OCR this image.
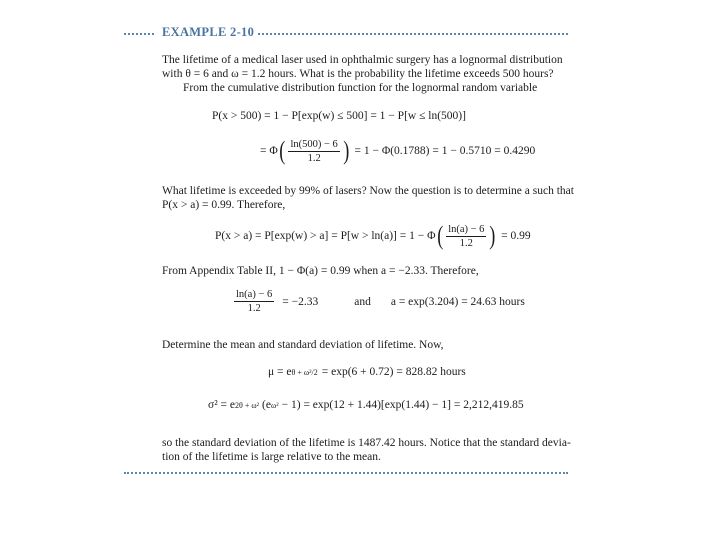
EXAMPLE 2-10
The lifetime of a medical laser used in ophthalmic surgery has a lognormal distribution
with θ = 6 and ω = 1.2 hours. What is the probability the lifetime exceeds 500 hours?
From the cumulative distribution function for the lognormal random variable
P(x > 500) = 1 − P[exp(w) ≤ 500] = 1 − P[w ≤ ln(500)]
= Φ ( $\frac{\ln(500) - 6}{1.2}$ ) = 1 − Φ(0.1788) = 1 − 0.5710 = 0.4290
What lifetime is exceeded by 99% of lasers? Now the question is to determine a such that
P(x > a) = 0.99. Therefore,
P(x > a) = P[exp(w) > a] = P[w > ln(a)] = 1 − Φ ( $\frac{\ln(a) - 6}{1.2}$ ) = 0.99
From Appendix Table II, 1 − Φ(a) = 0.99 when a = −2.33. Therefore,
$\frac{\ln(a) - 6}{1.2} = -2.33$	and a = exp(3.204) = 24.63 hours
Determine the mean and standard deviation of lifetime. Now,
μ = e θ + ω²/2 = exp(6 + 0.72) = 828.82 hours
σ² = e 2θ + ω² (e ω² − 1) = exp(12 + 1.44)[exp(1.44) − 1] = 2,212,419.85
so the standard deviation of the lifetime is 1487.42 hours. Notice that the standard devia-
tion of the lifetime is large relative to the mean.
